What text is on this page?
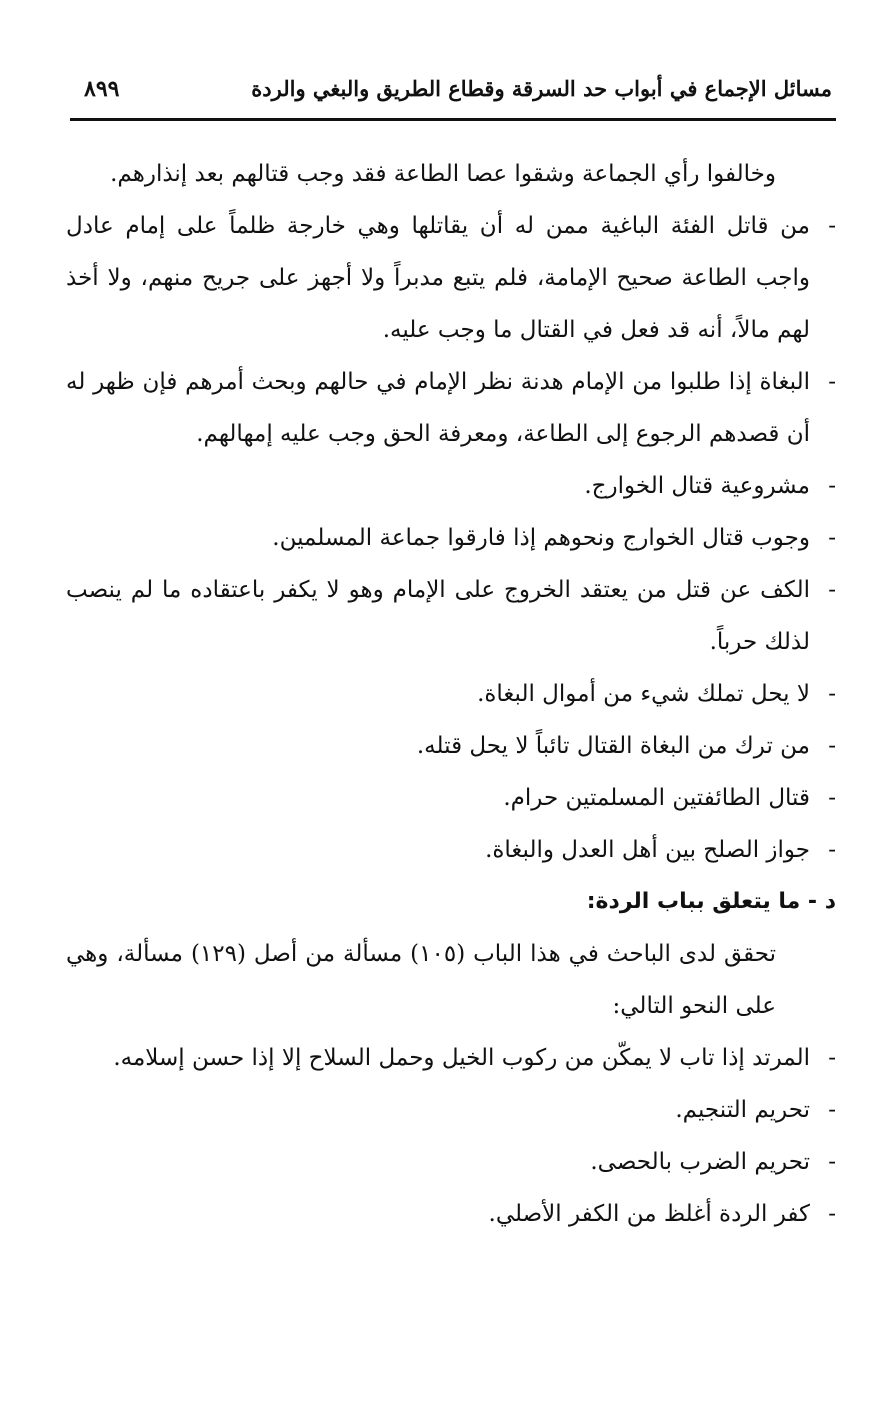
مسائل الإجماع في أبواب حد السرقة وقطاع الطريق والبغي والردة
٨٩٩

وخالفوا رأي الجماعة وشقوا عصا الطاعة فقد وجب قتالهم بعد إنذارهم.

-
من قاتل الفئة الباغية ممن له أن يقاتلها وهي خارجة ظلماً على إمام عادل واجب الطاعة صحيح الإمامة، فلم يتبع مدبراً ولا أجهز على جريح منهم، ولا أخذ لهم مالاً، أنه قد فعل في القتال ما وجب عليه.
-
البغاة إذا طلبوا من الإمام هدنة نظر الإمام في حالهم وبحث أمرهم فإن ظهر له أن قصدهم الرجوع إلى الطاعة، ومعرفة الحق وجب عليه إمهالهم.
-
مشروعية قتال الخوارج.
-
وجوب قتال الخوارج ونحوهم إذا فارقوا جماعة المسلمين.
-
الكف عن قتل من يعتقد الخروج على الإمام وهو لا يكفر باعتقاده ما لم ينصب لذلك حرباً.
-
لا يحل تملك شيء من أموال البغاة.
-
من ترك من البغاة القتال تائباً لا يحل قتله.
-
قتال الطائفتين المسلمتين حرام.
-
جواز الصلح بين أهل العدل والبغاة.
د - ما يتعلق بباب الردة:

تحقق لدى الباحث في هذا الباب (١٠٥) مسألة من أصل (١٢٩) مسألة، وهي على النحو التالي:

-
المرتد إذا تاب لا يمكّن من ركوب الخيل وحمل السلاح إلا إذا حسن إسلامه.
-
تحريم التنجيم.
-
تحريم الضرب بالحصى.
-
كفر الردة أغلظ من الكفر الأصلي.
